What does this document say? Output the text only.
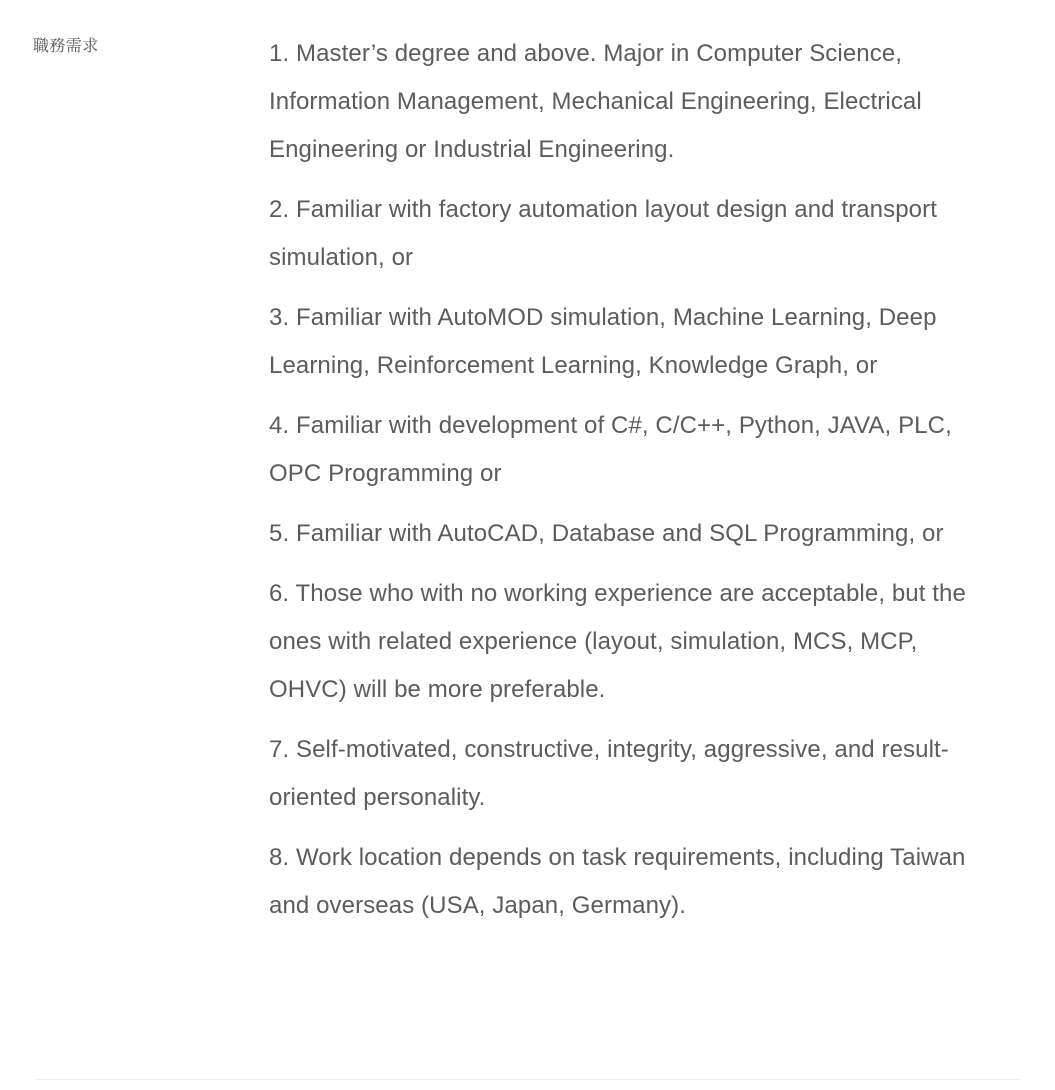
職務需求	1. Master’s degree and above. Major in Computer Science, Information Management, Mechanical Engineering, Electrical Engineering or Industrial Engineering.
2. Familiar with factory automation layout design and transport simulation, or
3. Familiar with AutoMOD simulation, Machine Learning, Deep Learning, Reinforcement Learning, Knowledge Graph, or
4. Familiar with development of C#, C/C++, Python, JAVA, PLC, OPC Programming or
5. Familiar with AutoCAD, Database and SQL Programming, or
6. Those who with no working experience are acceptable, but the ones with related experience (layout, simulation, MCS, MCP, OHVC) will be more preferable.
7. Self-motivated, constructive, integrity, aggressive, and result-oriented personality.
8. Work location depends on task requirements, including Taiwan and overseas (USA, Japan, Germany).
